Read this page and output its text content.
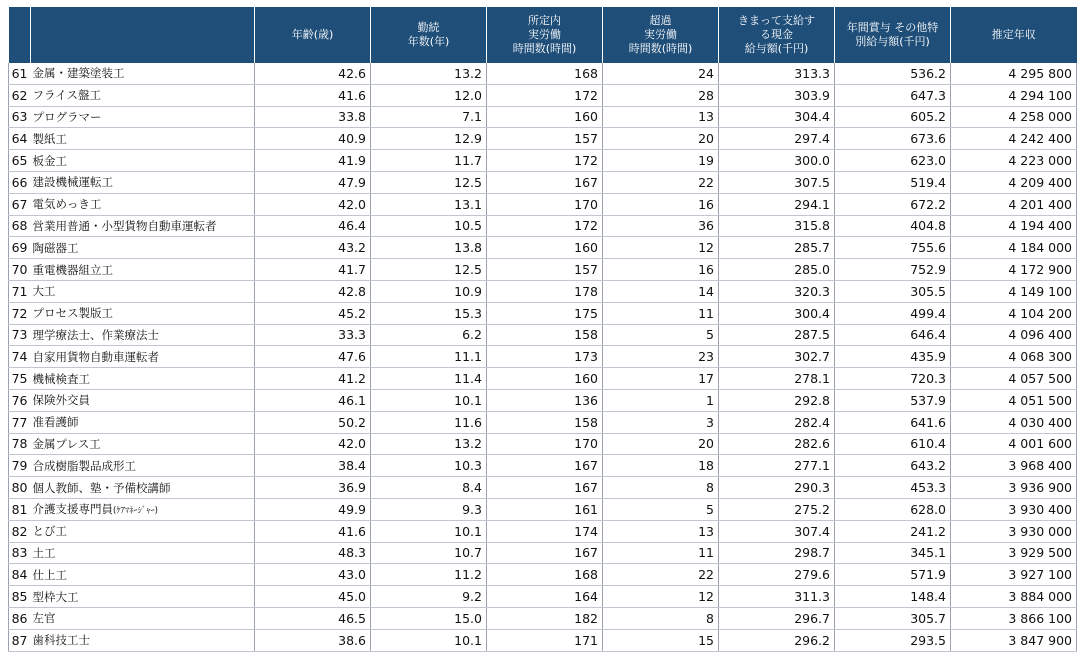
		年齢(歳)	勤続
年数(年)	所定内
実労働
時間数(時間)	超過
実労働
時間数(時間)	きまって支給す
る現金
給与額(千円)	年間賞与 その他特
別給与額(千円)	推定年収

61	金属・建築塗装工	42.6	13.2	168	24	313.3	536.2	4 295 800
62	フライス盤工	41.6	12.0	172	28	303.9	647.3	4 294 100
63	プログラマー	33.8	7.1	160	13	304.4	605.2	4 258 000
64	製紙工	40.9	12.9	157	20	297.4	673.6	4 242 400
65	板金工	41.9	11.7	172	19	300.0	623.0	4 223 000
66	建設機械運転工	47.9	12.5	167	22	307.5	519.4	4 209 400
67	電気めっき工	42.0	13.1	170	16	294.1	672.2	4 201 400
68	営業用普通・小型貨物自動車運転者	46.4	10.5	172	36	315.8	404.8	4 194 400
69	陶磁器工	43.2	13.8	160	12	285.7	755.6	4 184 000
70	重電機器組立工	41.7	12.5	157	16	285.0	752.9	4 172 900
71	大工	42.8	10.9	178	14	320.3	305.5	4 149 100
72	プロセス製版工	45.2	15.3	175	11	300.4	499.4	4 104 200
73	理学療法士、作業療法士	33.3	6.2	158	5	287.5	646.4	4 096 400
74	自家用貨物自動車運転者	47.6	11.1	173	23	302.7	435.9	4 068 300
75	機械検査工	41.2	11.4	160	17	278.1	720.3	4 057 500
76	保険外交員	46.1	10.1	136	1	292.8	537.9	4 051 500
77	准看護師	50.2	11.6	158	3	282.4	641.6	4 030 400
78	金属プレス工	42.0	13.2	170	20	282.6	610.4	4 001 600
79	合成樹脂製品成形工	38.4	10.3	167	18	277.1	643.2	3 968 400
80	個人教師、塾・予備校講師	36.9	8.4	167	8	290.3	453.3	3 936 900
81	介護支援専門員(ｹｱﾏﾈｰｼﾞｬｰ)	49.9	9.3	161	5	275.2	628.0	3 930 400
82	とび工	41.6	10.1	174	13	307.4	241.2	3 930 000
83	土工	48.3	10.7	167	11	298.7	345.1	3 929 500
84	仕上工	43.0	11.2	168	22	279.6	571.9	3 927 100
85	型枠大工	45.0	9.2	164	12	311.3	148.4	3 884 000
86	左官	46.5	15.0	182	8	296.7	305.7	3 866 100
87	歯科技工士	38.6	10.1	171	15	296.2	293.5	3 847 900
